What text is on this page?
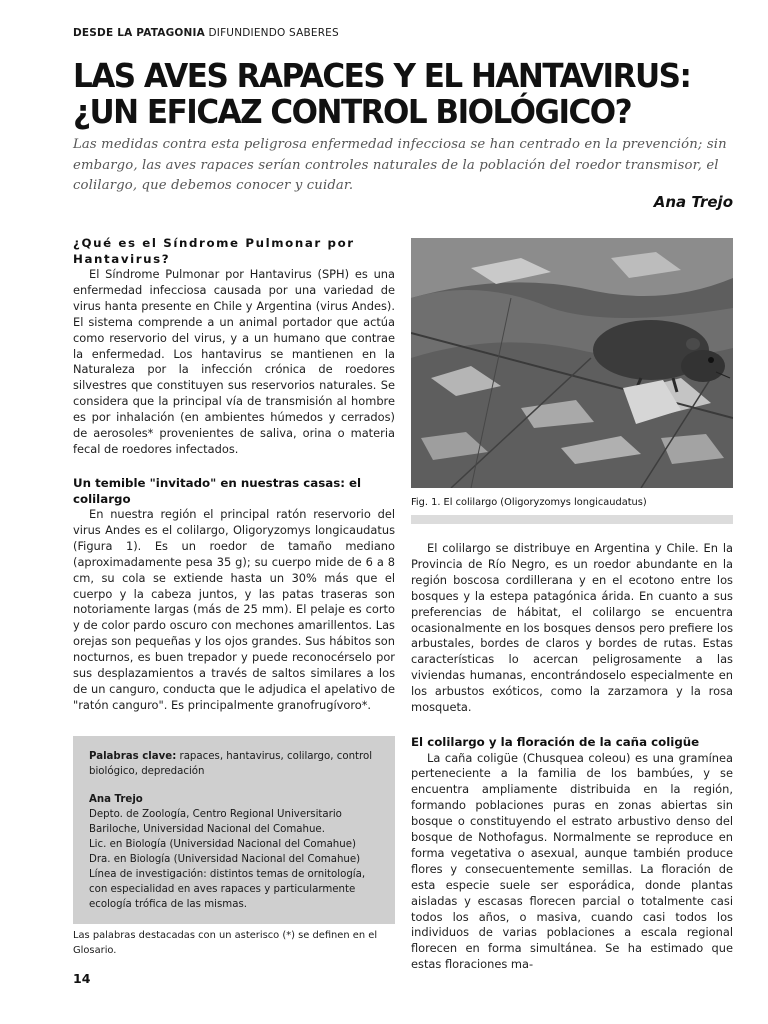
DESDE LA PATAGONIA DIFUNDIENDO SABERES
LAS AVES RAPACES Y EL HANTAVIRUS:
¿UN EFICAZ CONTROL BIOLÓGICO?
Las medidas contra esta peligrosa enfermedad infecciosa se han centrado en la prevención; sin embargo, las aves rapaces serían controles naturales de la población del roedor transmisor, el colilargo, que debemos conocer y cuidar.
Ana Trejo
¿Qué es el Síndrome Pulmonar por Hantavirus?

El Síndrome Pulmonar por Hantavirus (SPH) es una enfermedad infecciosa causada por una variedad de virus hanta presente en Chile y Argentina (virus Andes). El sistema comprende a un animal portador que actúa como reservorio del virus, y a un humano que contrae la enfermedad. Los hantavirus se mantienen en la Naturaleza por la infección crónica de roedores silvestres que constituyen sus reservorios naturales. Se considera que la principal vía de transmisión al hombre es por inhalación (en ambientes húmedos y cerrados) de aerosoles* provenientes de saliva, orina o materia fecal de roedores infectados.

Un temible "invitado" en nuestras casas: el colilargo

En nuestra región el principal ratón reservorio del virus Andes es el colilargo, Oligoryzomys longicaudatus (Figura 1). Es un roedor de tamaño mediano (aproximadamente pesa 35 g); su cuerpo mide de 6 a 8 cm, su cola se extiende hasta un 30% más que el cuerpo y la cabeza juntos, y las patas traseras son notoriamente largas (más de 25 mm). El pelaje es corto y de color pardo oscuro con mechones amarillentos. Las orejas son pequeñas y los ojos grandes. Sus hábitos son nocturnos, es buen trepador y puede reconocérselo por sus desplazamientos a través de saltos similares a los de un canguro, conducta que le adjudica el apelativo de "ratón canguro". Es principalmente granofrugívoro*.

Palabras clave: rapaces, hantavirus, colilargo, control biológico, depredación
Ana Trejo
Depto. de Zoología, Centro Regional Universitario
Bariloche, Universidad Nacional del Comahue.
Lic. en Biología (Universidad Nacional del Comahue)
Dra. en Biología (Universidad Nacional del Comahue)
Línea de investigación: distintos temas de ornitología,
con especialidad en aves rapaces y particularmente
ecología trófica de las mismas.
Las palabras destacadas con un asterisco (*) se definen en el Glosario.
14
Fig. 1. El colilargo (Oligoryzomys longicaudatus)

El colilargo se distribuye en Argentina y Chile. En la Provincia de Río Negro, es un roedor abundante en la región boscosa cordillerana y en el ecotono entre los bosques y la estepa patagónica árida. En cuanto a sus preferencias de hábitat, el colilargo se encuentra ocasionalmente en los bosques densos pero prefiere los arbustales, bordes de claros y bordes de rutas. Estas características lo acercan peligrosamente a las viviendas humanas, encontrándoselo especialmente en los arbustos exóticos, como la zarzamora y la rosa mosqueta.

El colilargo y la floración de la caña coligüe

La caña coligüe (Chusquea coleou) es una gramínea perteneciente a la familia de los bambúes, y se encuentra ampliamente distribuida en la región, formando poblaciones puras en zonas abiertas sin bosque o constituyendo el estrato arbustivo denso del bosque de Nothofagus. Normalmente se reproduce en forma vegetativa o asexual, aunque también produce flores y consecuentemente semillas. La floración de esta especie suele ser esporádica, donde plantas aisladas y escasas florecen parcial o totalmente casi todos los años, o masiva, cuando casi todos los individuos de varias poblaciones a escala regional florecen en forma simultánea. Se ha estimado que estas floraciones ma-
